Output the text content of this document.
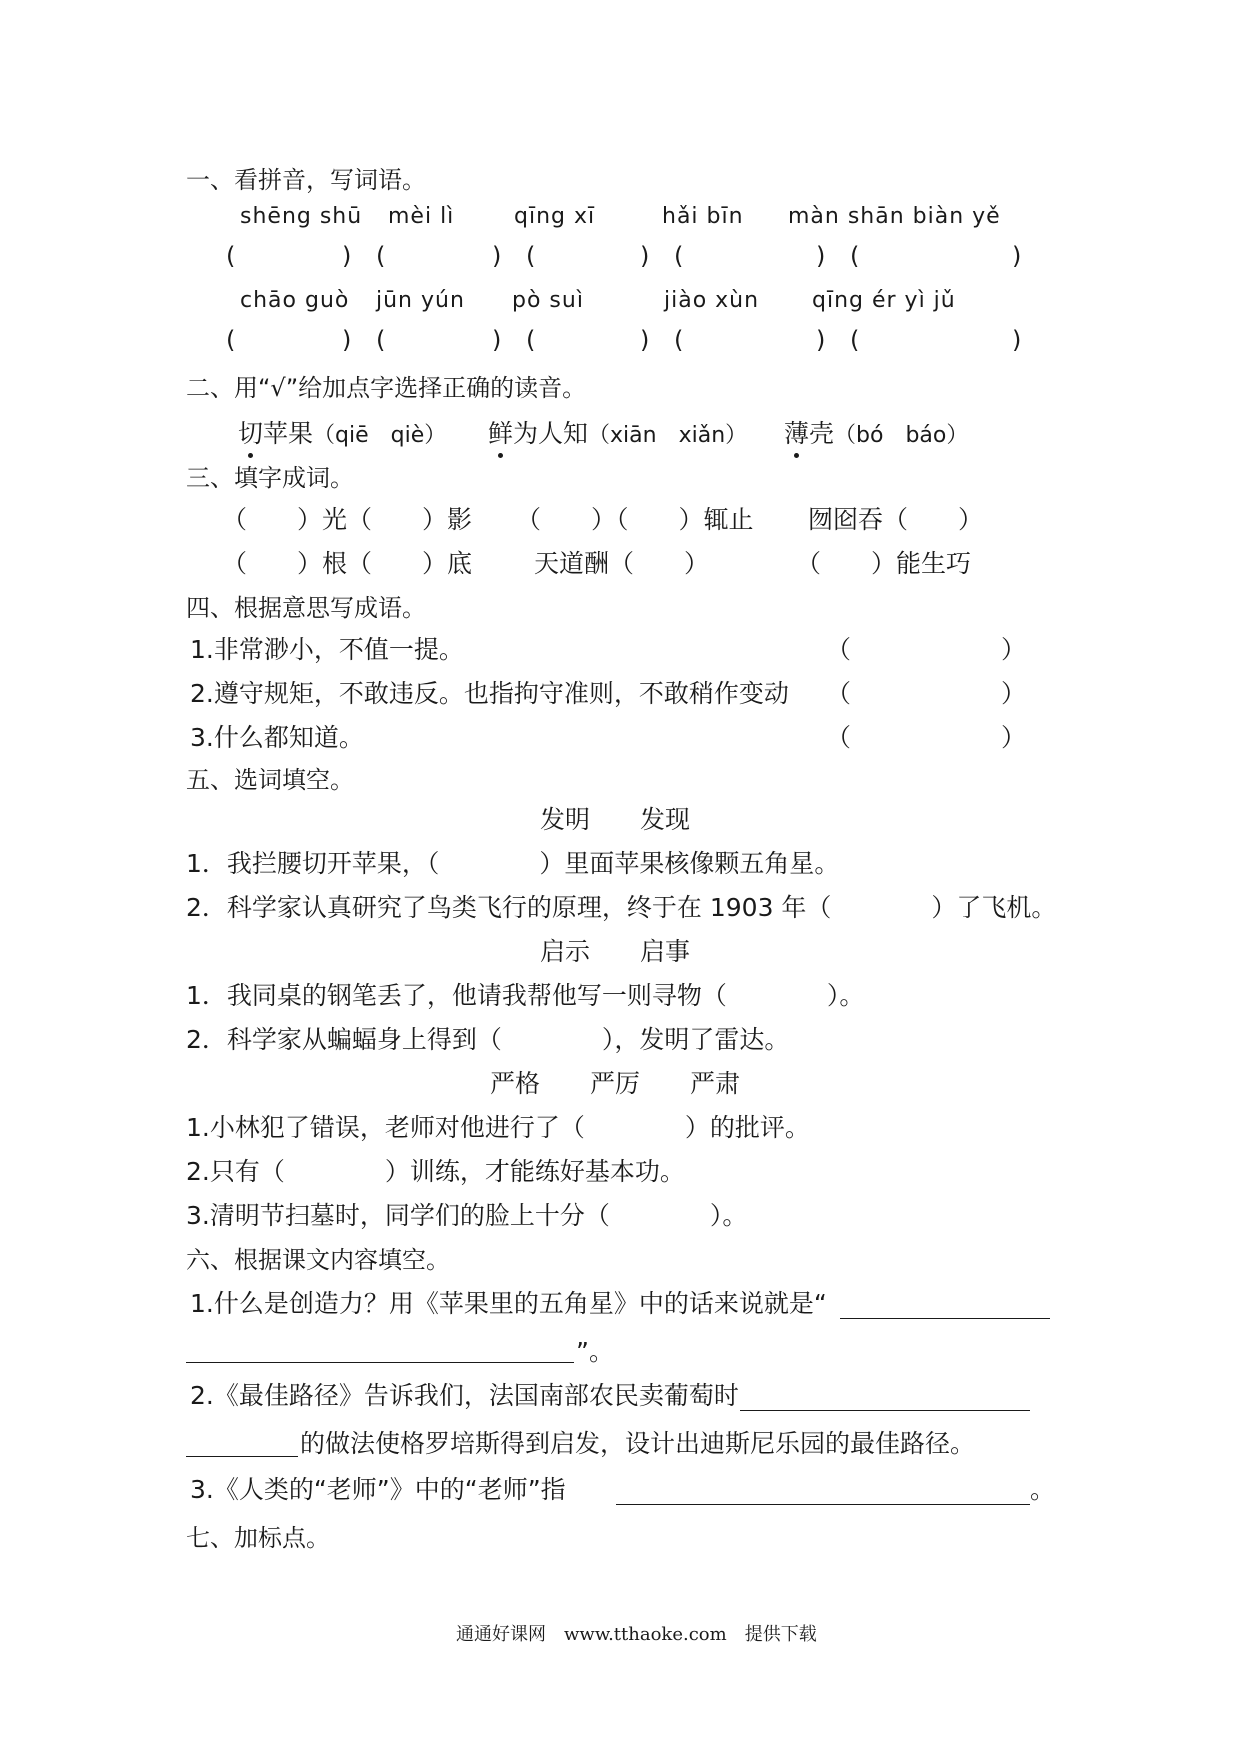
一、看拼音，写词语。
shēng shū mèi lì	qīng xī	hǎi bīn màn shān biàn yě
(	) (	) (	) (	) (	)
chāo guò jūn yún pò suì	jiào xùn qīng ér yì jǔ
(	) (	) (	) (	) (	)
二、用“√”给加点字选择正确的读音。
切
苹果（qiē　qiè） 鲜
为人知（xiān　xiǎn） 薄
壳（bó　báo）
三、填字成词。
（　　）光（　　）影 （　　）（　　）辄止 囫囵吞（　　）
（　　）根（　　）底 天道酬（　　）	（　　）能生巧
四、根据意思写成语。
1.非常渺小，不值一提。	（　　　　　　）
2.遵守规矩，不敢违反。也指拘守准则，不敢稍作变动 （　　　　　　）
3.什么都知道。	（　　　　　　）
五、选词填空。
发明　　发现
1．我拦腰切开苹果，（　　　　）里面苹果核像颗五角星。
2．科学家认真研究了鸟类飞行的原理，终于在 1903 年（　　　　）了飞机。
启示　　启事
1．我同桌的钢笔丢了，他请我帮他写一则寻物（　　　　）。
2．科学家从蝙蝠身上得到（　　　　），发明了雷达。
严格　　严厉　　严肃
1.小林犯了错误，老师对他进行了（　　　　）的批评。
2.只有（　　　　）训练，才能练好基本功。
3.清明节扫墓时，同学们的脸上十分（　　　　）。
六、根据课文内容填空。
1.什么是创造力？用《苹果里的五角星》中的话来说就是“
”。
2.《最佳路径》告诉我们，法国南部农民卖葡萄时
的做法使格罗培斯得到启发，设计出迪斯尼乐园的最佳路径。
3.《人类的“老师”》中的“老师”指	。
七、加标点。
通通好课网　www.tthaoke.com　提供下载
